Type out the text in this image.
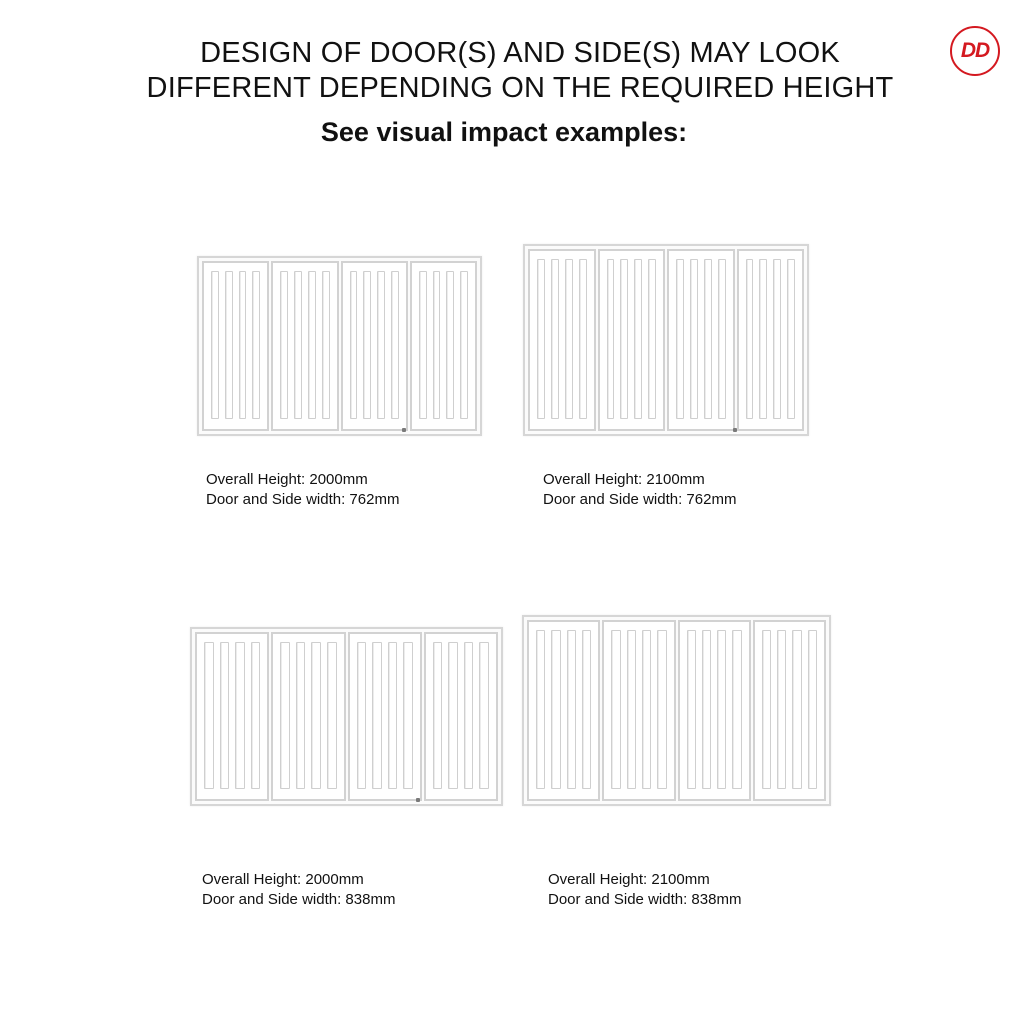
DESIGN OF DOOR(S) AND SIDE(S) MAY LOOK
DIFFERENT DEPENDING ON THE REQUIRED HEIGHT
See visual impact examples:
DD
Overall Height: 2000mm
Door and Side width: 762mm
Overall Height: 2100mm
Door and Side width: 762mm
Overall Height: 2000mm
Door and Side width: 838mm
Overall Height: 2100mm
Door and Side width: 838mm
